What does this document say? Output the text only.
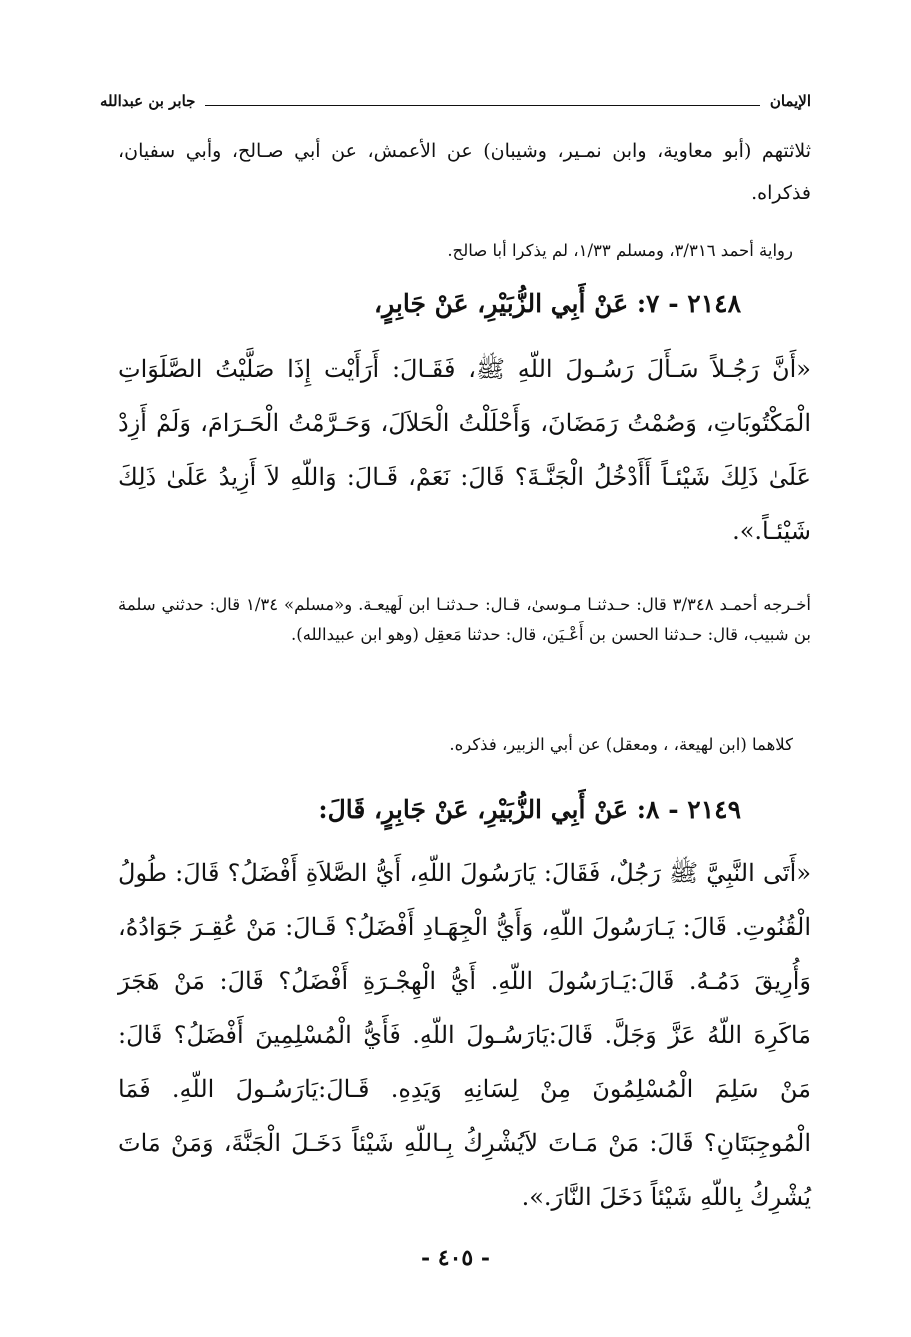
الإيمان
جابر بن عبدالله

ثلاثتهم (أبو معاوية، وابن نمـير، وشيبان) عن الأعمش، عن أبي صـالح، وأبي سفيان، فذكراه.

رواية أحمد ٣/٣١٦، ومسلم ١/٣٣، لم يذكرا أبا صالح.

٢١٤٨ - ٧: عَنْ أَبِي الزُّبَيْرِ، عَنْ جَابِرٍ،

«أَنَّ رَجُـلاً سَـأَلَ رَسُـولَ اللّهِ ﷺ، فَقَـالَ: أَرَأَيْت إِذَا صَلَّيْتُ الصَّلَوَاتِ الْمَكْتُوبَاتِ، وَصُمْتُ رَمَضَانَ، وَأَحْلَلْتُ الْحَلاَلَ، وَحَـرَّمْتُ الْحَـرَامَ، وَلَمْ أَزِدْ عَلَىٰ ذَلِكَ شَيْئـاً أَأَدْخُلُ الْجَنَّـةَ؟ قَالَ: نَعَمْ، قَـالَ: وَاللّهِ لاَ أَزِيدُ عَلَىٰ ذَلِكَ شَيْئـاً.».

أخـرجه أحمـد ٣/٣٤٨ قال: حـدثنـا مـوسىٰ، قـال: حـدثنـا ابن لَهيعـة. و«مسلم» ١/٣٤ قال: حدثني سلمة بن شبيب، قال: حـدثنا الحسن بن أَعْـيَن، قال: حدثنا مَعقِل (وهو ابن عبيدالله).

كلاهما (ابن لهيعة، ، ومعقل) عن أبي الزبير، فذكره.

٢١٤٩ - ٨: عَنْ أَبِي الزُّبَيْرِ، عَنْ جَابِرٍ، قَالَ:

«أَتَى النَّبِيَّ ﷺ رَجُلٌ، فَقَالَ: يَارَسُولَ اللّهِ، أَيُّ الصَّلاَةِ أَفْضَلُ؟ قَالَ: طُولُ الْقُنُوتِ. قَالَ: يَـارَسُولَ اللّهِ، وَأَيُّ الْجِهَـادِ أَفْضَلُ؟ قَـالَ: مَنْ عُقِـرَ جَوَادُهُ، وَأُرِيقَ دَمُـهُ. قَالَ:يَـارَسُولَ اللّهِ. أَيُّ الْهِجْـرَةِ أَفْضَلُ؟ قَالَ: مَنْ هَجَرَ مَاكَرِهَ اللّهُ عَزَّ وَجَلَّ. قَالَ:يَارَسُـولَ اللّهِ. فَأَيُّ الْمُسْلِمِينَ أَفْضَلُ؟ قَالَ: مَنْ سَلِمَ الْمُسْلِمُونَ مِنْ لِسَانِهِ وَيَدِهِ. قَـالَ:يَارَسُـولَ اللّهِ. فَمَا الْمُوجِبَتَانِ؟ قَالَ: مَنْ مَـاتَ لاَيُشْرِكُ بِـاللّهِ شَيْئاً دَخَـلَ الْجَنَّةَ، وَمَنْ مَاتَ يُشْرِكُ بِاللّهِ شَيْئاً دَخَلَ النَّارَ.».

- ٤٠٥ -
